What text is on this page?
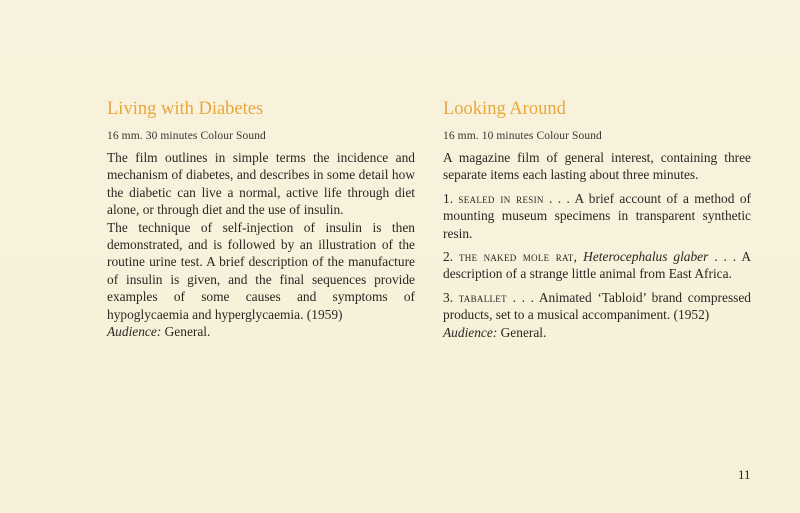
Living with Diabetes

16 mm. 30 minutes Colour Sound

The film outlines in simple terms the incidence and mechanism of diabetes, and describes in some detail how the diabetic can live a normal, active life through diet alone, or through diet and the use of insulin.

The technique of self-injection of insulin is then demonstrated, and is followed by an illustration of the routine urine test. A brief description of the manufacture of insulin is given, and the final sequences provide examples of some causes and symptoms of hypoglycaemia and hyperglycaemia. (1959)

Audience: General.

Looking Around

16 mm. 10 minutes Colour Sound

A magazine film of general interest, containing three separate items each lasting about three minutes.

1. sealed in resin . . . A brief account of a method of mounting museum specimens in transparent synthetic resin.

2. the naked mole rat, Heterocephalus glaber . . . A description of a strange little animal from East Africa.

3. taballet . . . Animated ‘Tabloid’ brand compressed products, set to a musical accompaniment. (1952)

Audience: General.

11
